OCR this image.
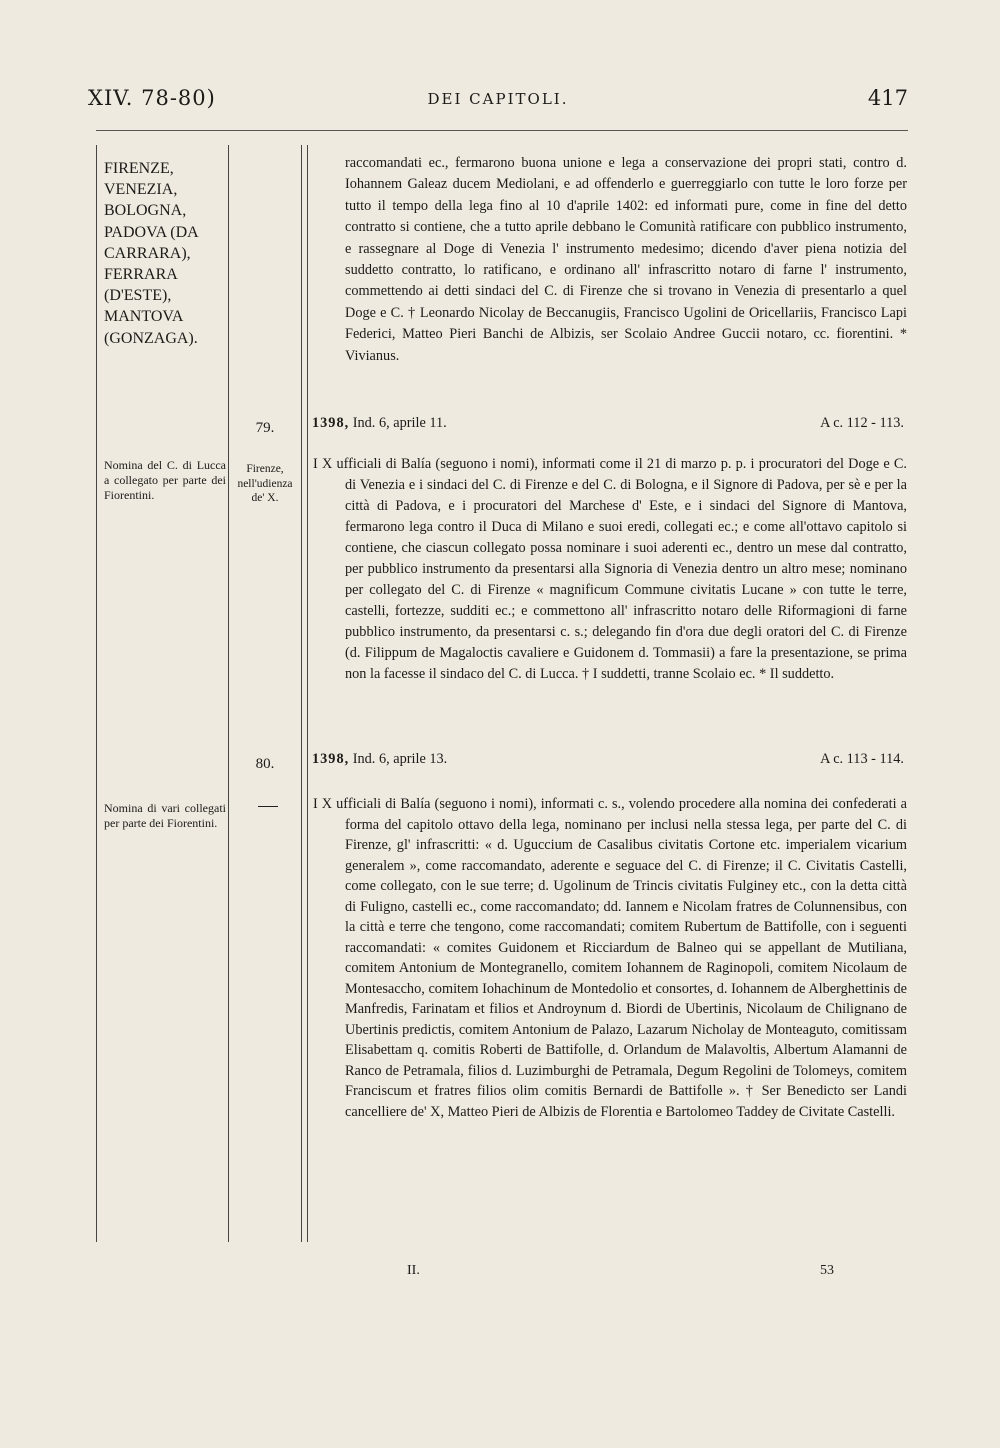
XIV. 78-80)	DEI CAPITOLI.	417
FIRENZE, VENEZIA, BOLOGNA, PADOVA (DA CARRARA), FERRARA (D'ESTE), MANTOVA (GONZAGA).

raccomandati ec., fermarono buona unione e lega a conservazione dei propri stati, contro d. Iohannem Galeaz ducem Mediolani, e ad offenderlo e guerreggiarlo con tutte le loro forze per tutto il tempo della lega fino al 10 d'aprile 1402: ed informati pure, come in fine del detto contratto si contiene, che a tutto aprile debbano le Comunità ratificare con pubblico instrumento, e rassegnare al Doge di Venezia l' instrumento medesimo; dicendo d'aver piena notizia del suddetto contratto, lo ratificano, e ordinano all' infrascritto notaro di farne l' instrumento, commettendo ai detti sindaci del C. di Firenze che si trovano in Venezia di presentarlo a quel Doge e C. † Leonardo Nicolay de Beccanugiis, Francisco Ugolini de Oricellariis, Francisco Lapi Federici, Matteo Pieri Banchi de Albizis, ser Scolaio Andree Guccii notaro, cc. fiorentini. * Vivianus.

79.	1398, Ind. 6, aprile 11.	A c. 112 - 113.
Nomina del C. di Lucca a collegato per parte dei Fiorentini.
Firenze, nell'udienza de' X.

I X ufficiali di Balía (seguono i nomi), informati come il 21 di marzo p. p. i procuratori del Doge e C. di Venezia e i sindaci del C. di Firenze e del C. di Bologna, e il Signore di Padova, per sè e per la città di Padova, e i procuratori del Marchese d' Este, e i sindaci del Signore di Mantova, fermarono lega contro il Duca di Milano e suoi eredi, collegati ec.; e come all'ottavo capitolo si contiene, che ciascun collegato possa nominare i suoi aderenti ec., dentro un mese dal contratto, per pubblico instrumento da presentarsi alla Signoria di Venezia dentro un altro mese; nominano per collegato del C. di Firenze « magnificum Commune civitatis Lucane » con tutte le terre, castelli, fortezze, sudditi ec.; e commettono all' infrascritto notaro delle Riformagioni di farne pubblico instrumento, da presentarsi c. s.; delegando fin d'ora due degli oratori del C. di Firenze (d. Filippum de Magaloctis cavaliere e Guidonem d. Tommasii) a fare la presentazione, se prima non la facesse il sindaco del C. di Lucca. † I suddetti, tranne Scolaio ec. * Il suddetto.

80.	1398, Ind. 6, aprile 13.	A c. 113 - 114.
Nomina di vari collegati per parte dei Fiorentini.

I X ufficiali di Balía (seguono i nomi), informati c. s., volendo procedere alla nomina dei confederati a forma del capitolo ottavo della lega, nominano per inclusi nella stessa lega, per parte del C. di Firenze, gl' infrascritti: « d. Uguccium de Casalibus civitatis Cortone etc. imperialem vicarium generalem », come raccomandato, aderente e seguace del C. di Firenze; il C. Civitatis Castelli, come collegato, con le sue terre; d. Ugolinum de Trincis civitatis Fulginey etc., con la detta città di Fuligno, castelli ec., come raccomandato; dd. Iannem e Nicolam fratres de Colunnensibus, con la città e terre che tengono, come raccomandati; comitem Rubertum de Battifolle, con i seguenti raccomandati: « comites Guidonem et Ricciardum de Balneo qui se appellant de Mutiliana, comitem Antonium de Montegranello, comitem Iohannem de Raginopoli, comitem Nicolaum de Montesaccho, comitem Iohachinum de Montedolio et consortes, d. Iohannem de Alberghettinis de Manfredis, Farinatam et filios et Androynum d. Biordi de Ubertinis, Nicolaum de Chilignano de Ubertinis predictis, comitem Antonium de Palazo, Lazarum Nicholay de Monteaguto, comitissam Elisabettam q. comitis Roberti de Battifolle, d. Orlandum de Malavoltis, Albertum Alamanni de Ranco de Petramala, filios d. Luzimburghi de Petramala, Degum Regolini de Tolomeys, comitem Franciscum et fratres filios olim comitis Bernardi de Battifolle ». † Ser Benedicto ser Landi cancelliere de' X, Matteo Pieri de Albizis de Florentia e Bartolomeo Taddey de Civitate Castelli.

II.	53
